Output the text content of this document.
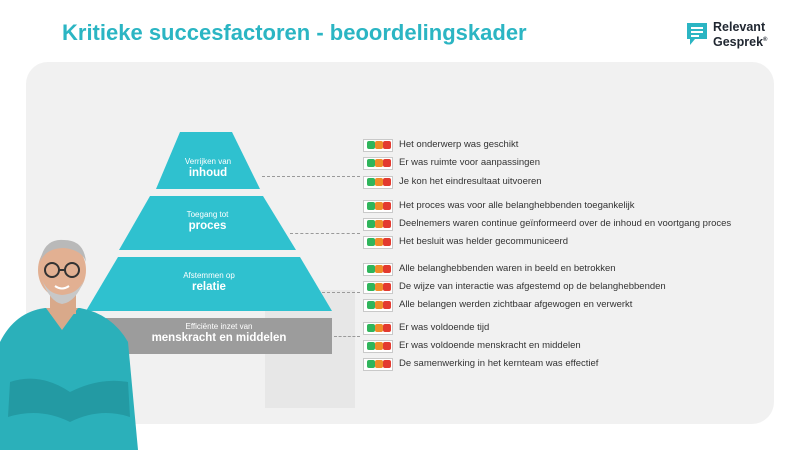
Kritieke succesfactoren - beoordelingskader	Relevant
Gesprek®
Verrijken van
inhoud
Toegang tot
proces
Afstemmen op
relatie
Efficiënte inzet van
menskracht en middelen
Het onderwerp was geschikt
Er was ruimte voor aanpassingen
Je kon het eindresultaat uitvoeren
Het proces was voor alle belanghebbenden toegankelijk
Deelnemers waren continue geïnformeerd over de inhoud en voortgang proces
Het besluit was helder gecommuniceerd
Alle belanghebbenden waren in beeld en betrokken
De wijze van interactie was afgestemd op de belanghebbenden
Alle belangen werden zichtbaar afgewogen en verwerkt
Er was voldoende tijd
Er was voldoende menskracht en middelen
De samenwerking in het kernteam was effectief
